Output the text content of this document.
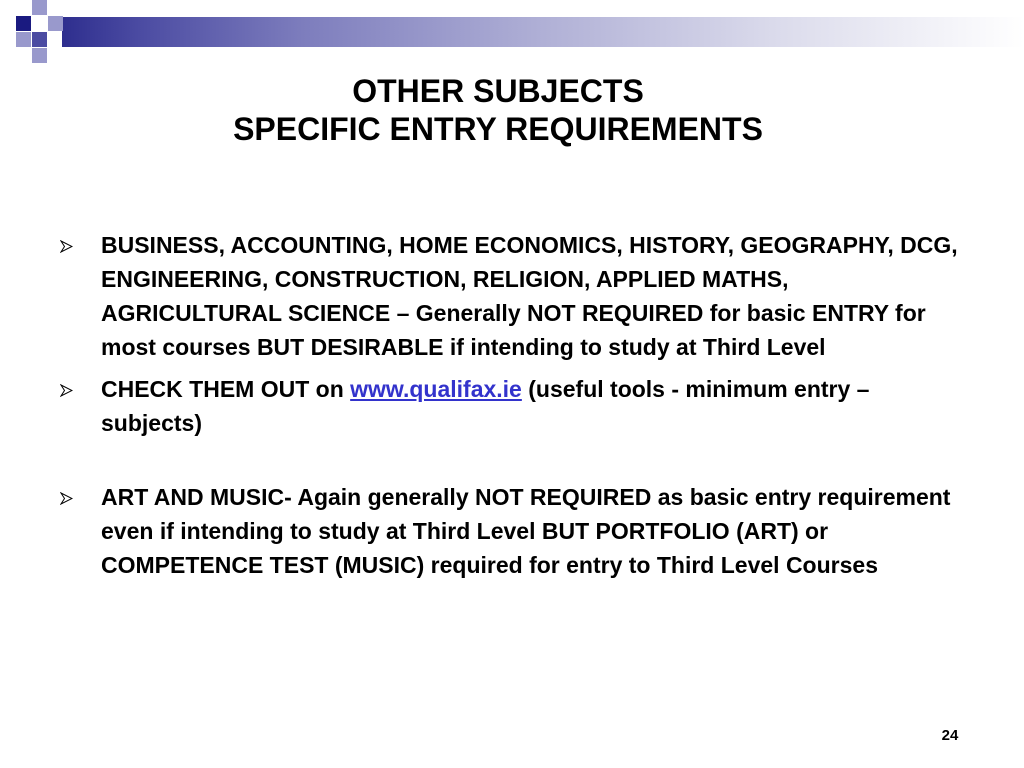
OTHER SUBJECTS
SPECIFIC ENTRY REQUIREMENTS
BUSINESS, ACCOUNTING, HOME ECONOMICS, HISTORY, GEOGRAPHY, DCG, ENGINEERING, CONSTRUCTION, RELIGION, APPLIED MATHS, AGRICULTURAL SCIENCE – Generally NOT REQUIRED for basic ENTRY for most courses BUT DESIRABLE if intending to study at Third Level
CHECK THEM OUT on www.qualifax.ie (useful tools - minimum entry –subjects)
ART AND MUSIC- Again generally NOT REQUIRED as basic entry requirement even if intending to study at Third Level BUT PORTFOLIO (ART) or COMPETENCE TEST (MUSIC) required for entry to Third Level Courses
24
